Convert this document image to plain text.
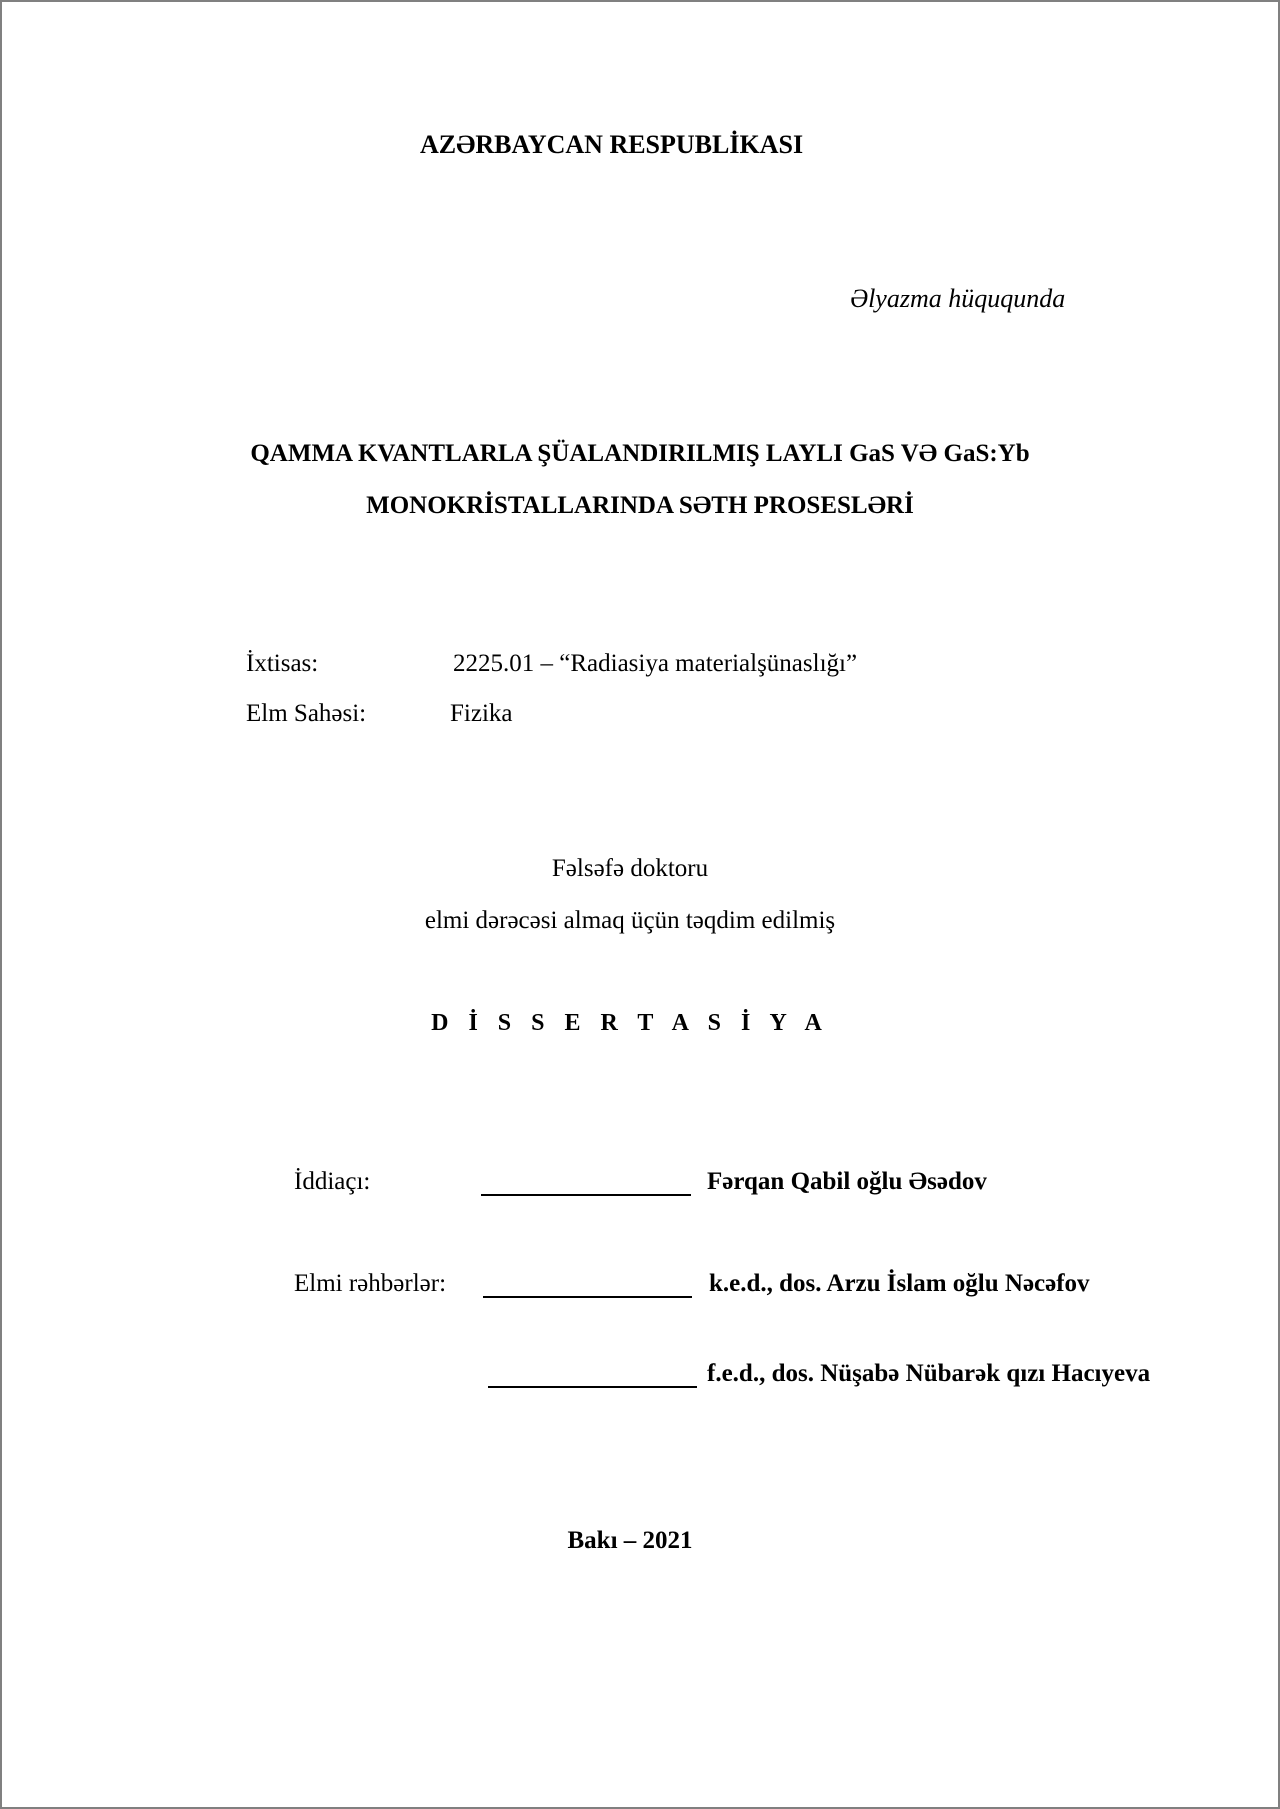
AZƏRBAYCAN RESPUBLİKASI
Əlyazma hüququnda
QAMMA KVANTLARLA ŞÜALANDIRILMIŞ LAYLI GaS VƏ GaS:Yb
MONOKRİSTALLARINDA SƏTH PROSESLƏRİ
İxtisas:	2225.01 – “Radiasiya materialşünaslığı”
Elm Sahəsi:	Fizika
Fəlsəfə doktoru
elmi dərəcəsi almaq üçün təqdim edilmiş
D İ S S E R T A S İ Y A
İddiaçı:	Fərqan Qabil oğlu Əsədov
Elmi rəhbərlər:	k.e.d., dos. Arzu İslam oğlu Nəcəfov
f.e.d., dos. Nüşabə Nübarək qızı Hacıyeva
Bakı – 2021
